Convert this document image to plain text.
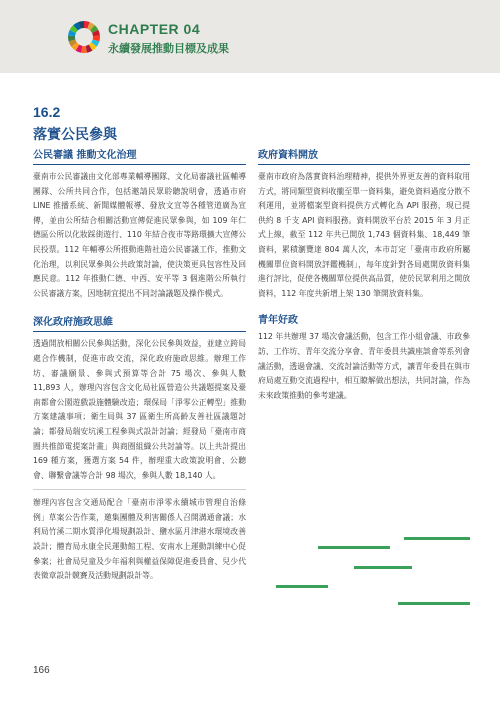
CHAPTER 04
永續發展推動目標及成果
16.2
落實公民參與
公民審議 推動文化治理

臺南市公民審議由文化部專業輔導團隊、文化局審議社區輔導團隊、公所共同合作，包括邀請民眾聆聽說明會，透過市府 LINE 推播系統、新聞媒體報導、發放文宣等各種管道廣為宣傳，並由公所結合相關活動宣傳促進民眾參與，如 109 年仁德區公所以化妝踩街遊行、110 年結合夜市等路環擴大宣傳公民投票。112 年輔導公所推動進階社造公民審議工作，推動文化治理，以利民眾參與公共政策討論，使決策更具包容性及回應民意。112 年推動仁德、中西、安平等 3 個進階公所執行公民審議方案，因地制宜提出不同討論議題及操作模式。

深化政府施政思維

透過開放相關公民參與活動，深化公民參與效益，並建立跨局處合作機制，促進市政交流，深化政府施政思維。辦理工作坊、審議願景、參與式預算等合計 75 場次、參與人數 11,893 人，辦理內容包含文化局社區營造公共議題提案及臺南都會公園遊戲設施體驗改造；環保局「淨零公正轉型」推動方案建議事項；衛生局與 37 區衛生所高齡友善社區議題討論；都發局瑞安坑溪工程參與式設計討論；經發局「臺南市商圈共推節電提案計畫」與商圈組織公共討論等。以上共計提出 169 種方案，獲選方案 54 件，辦理重大政策說明會、公聽會、聯繫會議等合計 98 場次，參與人數 18,140 人。

辦理內容包含交通局配合「臺南市淨零永續城市管理自治條例」草案公告作業，邀集團體及利害關係人召開溝通會議；水利局竹溪二期水質淨化場規劃設計、鹽水區月津港水環境改善設計；體育局永康全民運動館工程、安南水上運動訓練中心促參案；社會局兒童及少年福利與權益保障促進委員會、兒少代表徵章設計競賽及活動規劃設計等。

政府資料開放

臺南市政府為落實資料治理精神，提供外界更友善的資料取用方式，將同類型資料收攏至單一資料集，避免資料過度分散不利運用，並將檔案型資料提供方式轉化為 API 服務，現已提供約 8 千支 API 資料服務。資料開放平台於 2015 年 3 月正式上線，截至 112 年共已開放 1,743 個資料集、18,449 筆資料，累積瀏覽達 804 萬人次，本市訂定「臺南市政府所屬機關單位資料開放評鑑機制」，每年度針對各局處開放資料集進行評比，促使各機關單位提供高品質，使於民眾利用之開放資料，112 年度共新增上架 130 筆開放資料集。

青年好政

112 年共辦理 37 場次會議活動，包含工作小組會議、市政參訪、工作坊、青年交流分享會、青年委員共識座談會等系列會議活動，透過會議、交流討論活動等方式，讓青年委員在與市府局處互動交流過程中，相互瞭解做出想法，共同討論，作為未來政策推動的參考建議。

166
